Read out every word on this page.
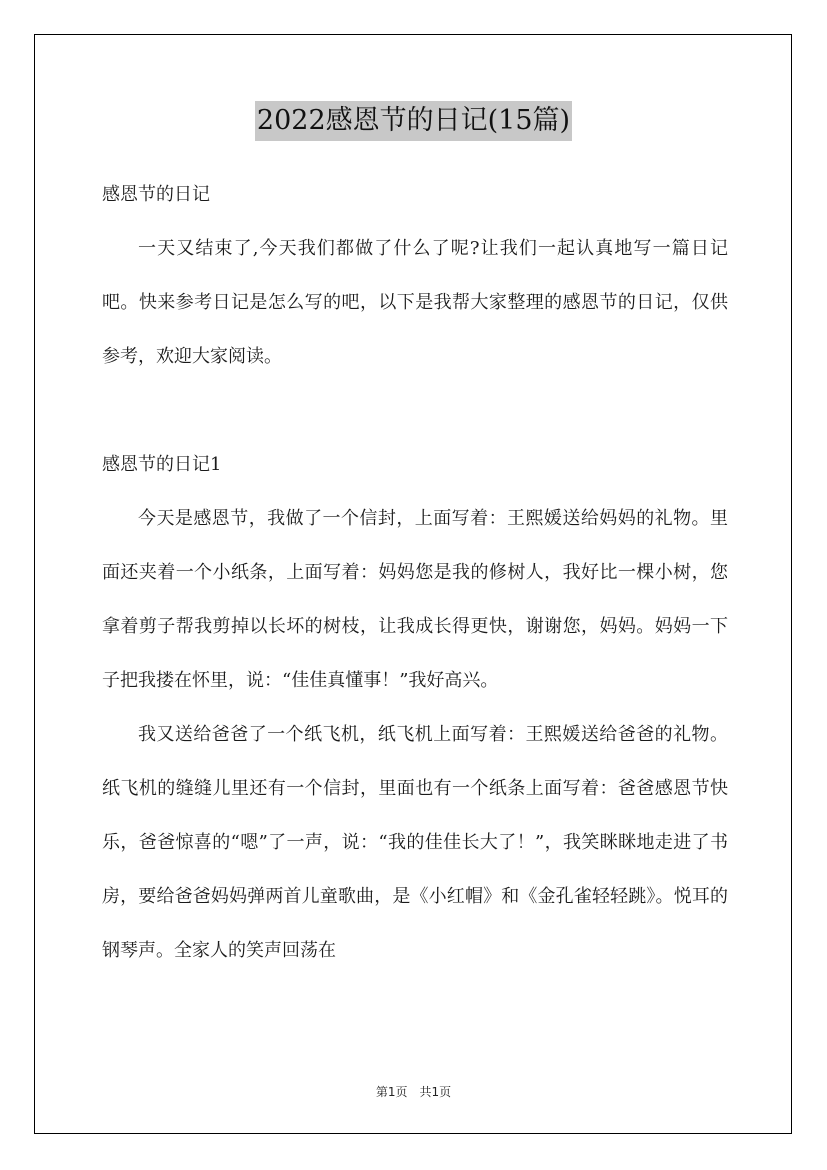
2022感恩节的日记(15篇)

感恩节的日记

一天又结束了,今天我们都做了什么了呢?让我们一起认真地写一篇日记吧。快来参考日记是怎么写的吧，以下是我帮大家整理的感恩节的日记，仅供参考，欢迎大家阅读。

感恩节的日记1

今天是感恩节，我做了一个信封，上面写着：王熙媛送给妈妈的礼物。里面还夹着一个小纸条，上面写着：妈妈您是我的修树人，我好比一棵小树，您拿着剪子帮我剪掉以长坏的树枝，让我成长得更快，谢谢您，妈妈。妈妈一下子把我搂在怀里，说：“佳佳真懂事！”我好高兴。

我又送给爸爸了一个纸飞机，纸飞机上面写着：王熙媛送给爸爸的礼物。纸飞机的缝缝儿里还有一个信封，里面也有一个纸条上面写着：爸爸感恩节快乐，爸爸惊喜的“嗯”了一声，说：“我的佳佳长大了！”，我笑眯眯地走进了书房，要给爸爸妈妈弹两首儿童歌曲，是《小红帽》和《金孔雀轻轻跳》。悦耳的钢琴声。全家人的笑声回荡在

第1页 共1页
